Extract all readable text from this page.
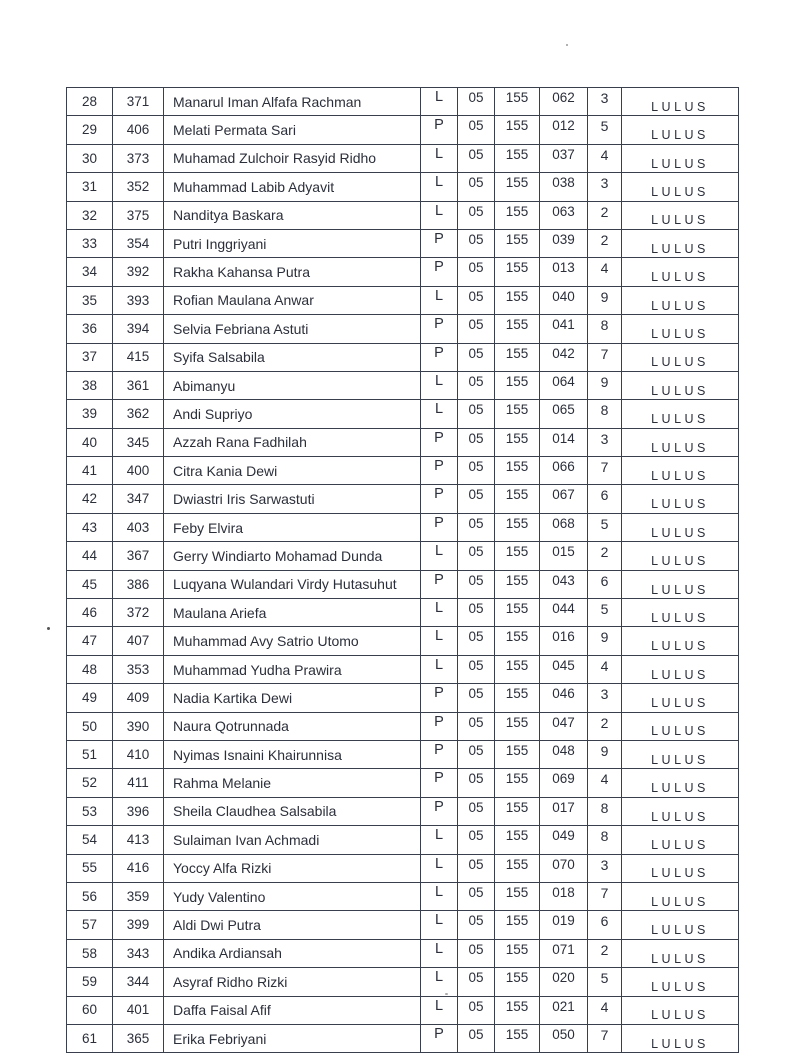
28	371	Manarul Iman Alfafa Rachman	L	05	155	062	3	LULUS
29	406	Melati Permata Sari	P	05	155	012	5	LULUS
30	373	Muhamad Zulchoir Rasyid Ridho	L	05	155	037	4	LULUS
31	352	Muhammad Labib Adyavit	L	05	155	038	3	LULUS
32	375	Nanditya Baskara	L	05	155	063	2	LULUS
33	354	Putri Inggriyani	P	05	155	039	2	LULUS
34	392	Rakha Kahansa Putra	P	05	155	013	4	LULUS
35	393	Rofian Maulana Anwar	L	05	155	040	9	LULUS
36	394	Selvia Febriana Astuti	P	05	155	041	8	LULUS
37	415	Syifa Salsabila	P	05	155	042	7	LULUS
38	361	Abimanyu	L	05	155	064	9	LULUS
39	362	Andi Supriyo	L	05	155	065	8	LULUS
40	345	Azzah Rana Fadhilah	P	05	155	014	3	LULUS
41	400	Citra Kania Dewi	P	05	155	066	7	LULUS
42	347	Dwiastri Iris Sarwastuti	P	05	155	067	6	LULUS
43	403	Feby Elvira	P	05	155	068	5	LULUS
44	367	Gerry Windiarto Mohamad Dunda	L	05	155	015	2	LULUS
45	386	Luqyana Wulandari Virdy Hutasuhut	P	05	155	043	6	LULUS
46	372	Maulana Ariefa	L	05	155	044	5	LULUS
47	407	Muhammad Avy Satrio Utomo	L	05	155	016	9	LULUS
48	353	Muhammad Yudha Prawira	L	05	155	045	4	LULUS
49	409	Nadia Kartika Dewi	P	05	155	046	3	LULUS
50	390	Naura Qotrunnada	P	05	155	047	2	LULUS
51	410	Nyimas Isnaini Khairunnisa	P	05	155	048	9	LULUS
52	411	Rahma Melanie	P	05	155	069	4	LULUS
53	396	Sheila Claudhea Salsabila	P	05	155	017	8	LULUS
54	413	Sulaiman Ivan Achmadi	L	05	155	049	8	LULUS
55	416	Yoccy Alfa Rizki	L	05	155	070	3	LULUS
56	359	Yudy Valentino	L	05	155	018	7	LULUS
57	399	Aldi Dwi Putra	L	05	155	019	6	LULUS
58	343	Andika Ardiansah	L	05	155	071	2	LULUS
59	344	Asyraf Ridho Rizki	L	05	155	020	5	LULUS
60	401	Daffa Faisal Afif	L	05	155	021	4	LULUS
61	365	Erika Febriyani	P	05	155	050	7	LULUS
